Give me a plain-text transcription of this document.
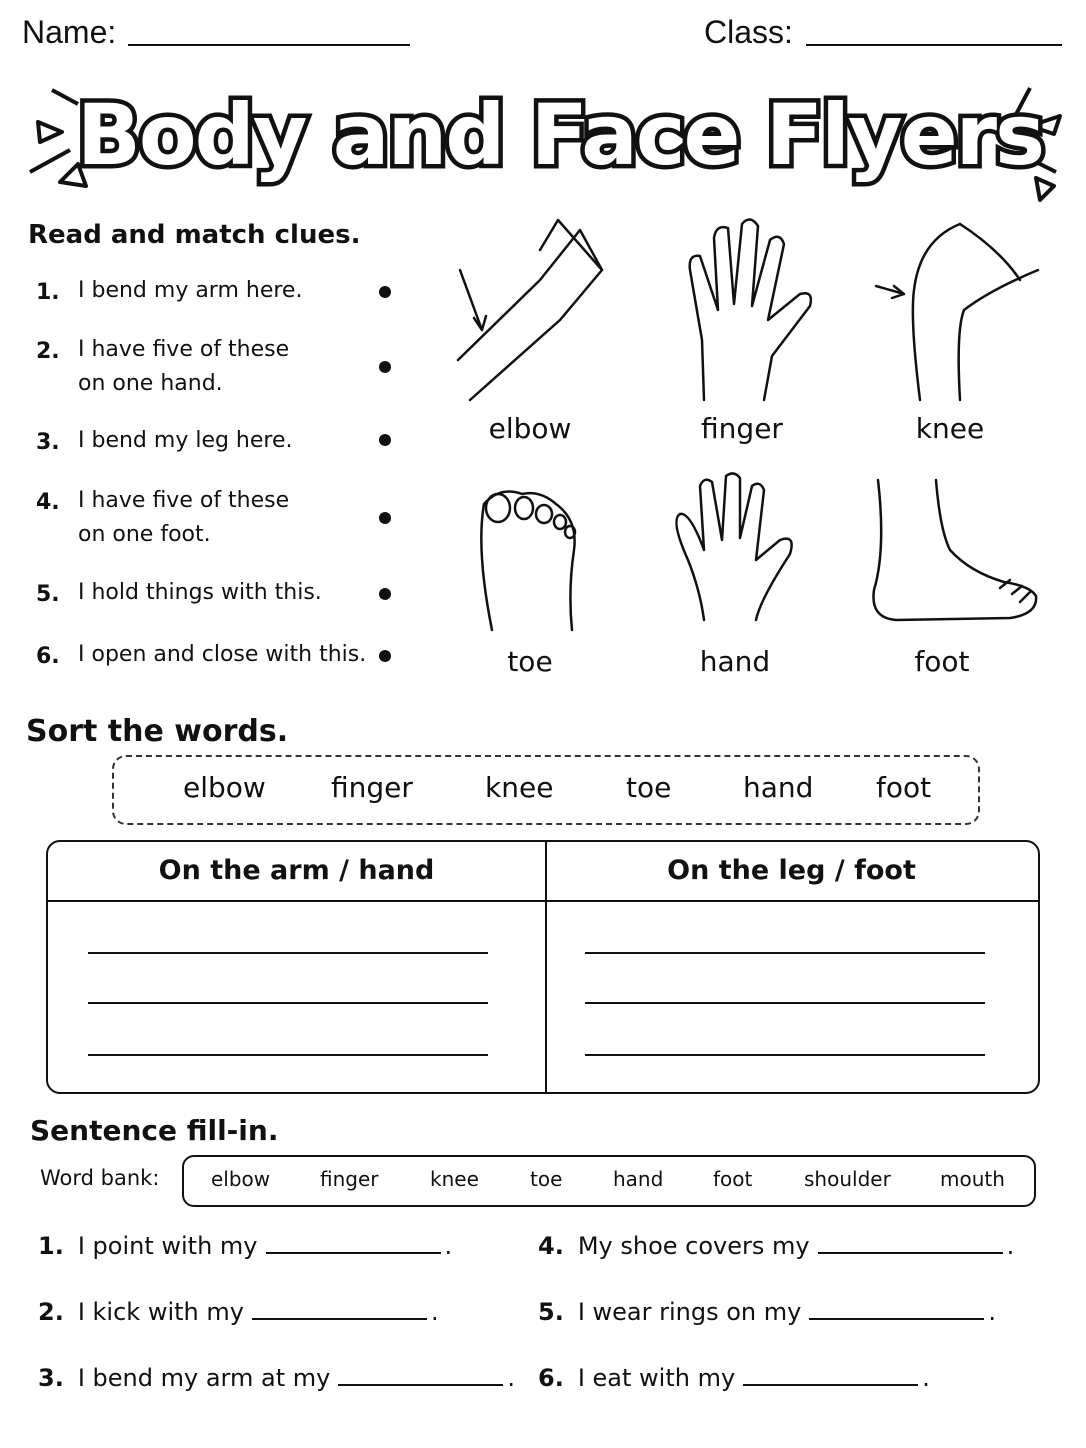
Name:	Class:
Body and Face Flyers
Read and match clues.
1. I bend my arm here.
2. I have five of these
on one hand.
3. I bend my leg here.
4. I have five of these
on one foot.
5. I hold things with this.
6. I open and close with this.
elbow	finger	knee
toe	hand	foot
Sort the words.
elbow finger	knee	toe	hand foot
On the arm / hand	On the leg / foot
Sentence fill-in.
Word bank:	elbow finger	knee	toe	hand foot	shoulder mouth
1. I point with my	.
2. I kick with my	.
3. I bend my arm at my	.
4. My shoe covers my	.
5. I wear rings on my	.
6. I eat with my	.
